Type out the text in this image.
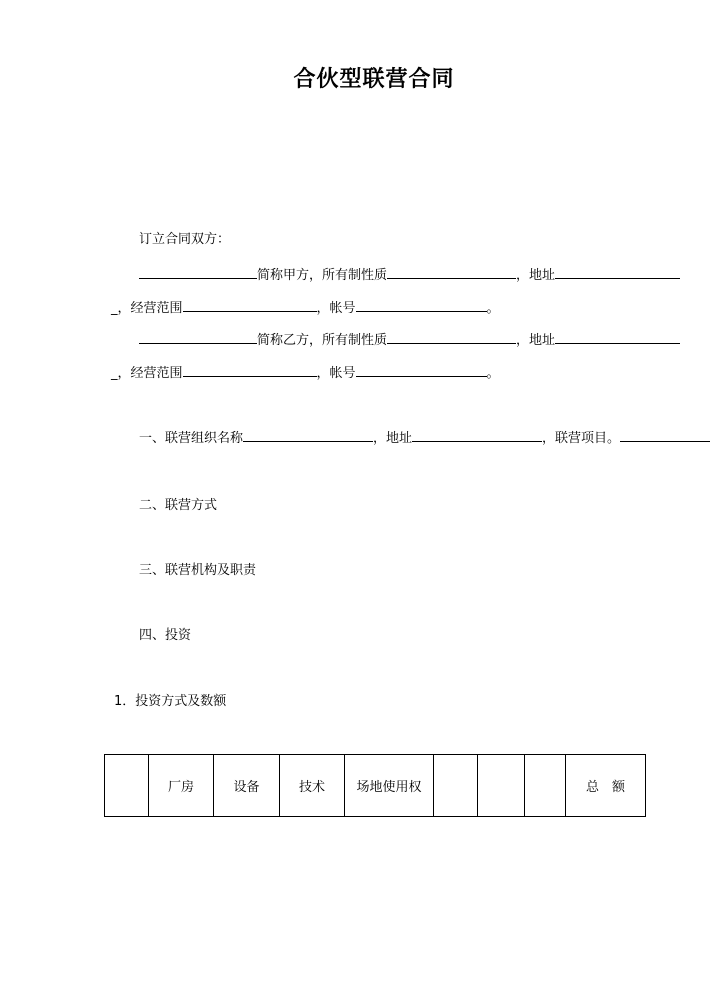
合伙型联营合同
订立合同双方：
简称甲方，所有制性质	，地址
_，经营范围	，帐号	。
简称乙方，所有制性质	，地址
_，经营范围	，帐号	。
一、联营组织名称	，地址	，联营项目。
二、联营方式
三、联营机构及职责
四、投资
1．投资方式及数额
	厂房	设备	技术	场地使用权				总　额
